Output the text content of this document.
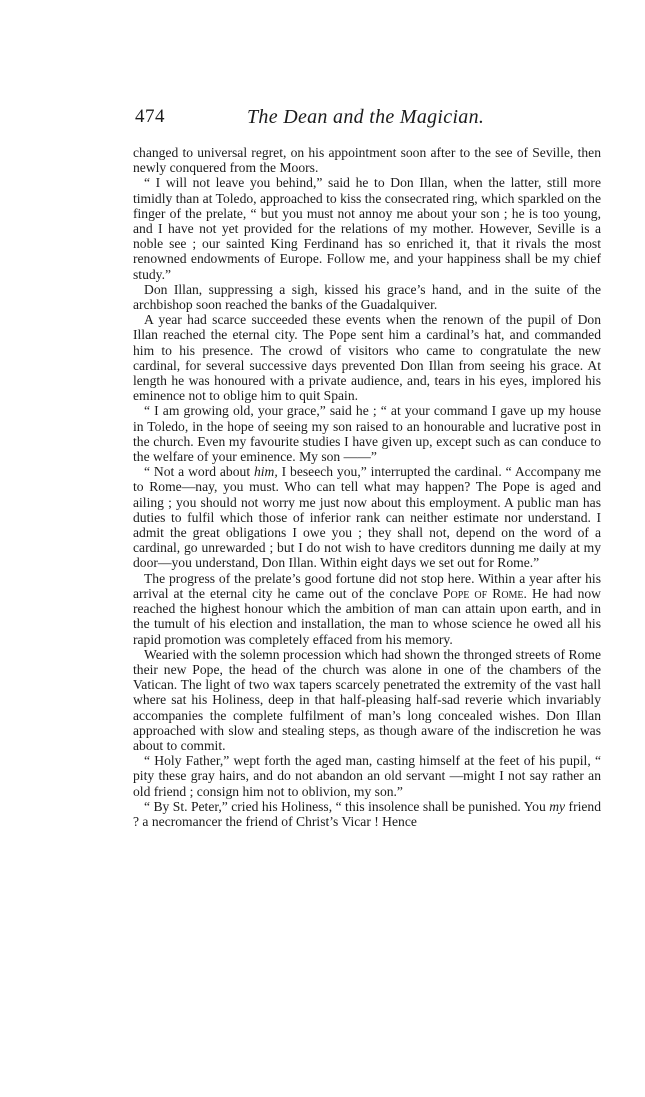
474	The Dean and the Magician.

changed to universal regret, on his appointment soon after to the see of Seville, then newly conquered from the Moors.

“ I will not leave you behind,” said he to Don Illan, when the latter, still more timidly than at Toledo, approached to kiss the consecrated ring, which sparkled on the finger of the prelate, “ but you must not annoy me about your son ; he is too young, and I have not yet provided for the relations of my mother. However, Seville is a noble see ; our sainted King Ferdinand has so enriched it, that it rivals the most renowned endowments of Europe. Follow me, and your happiness shall be my chief study.”

Don Illan, suppressing a sigh, kissed his grace’s hand, and in the suite of the archbishop soon reached the banks of the Guadalquiver.

A year had scarce succeeded these events when the renown of the pupil of Don Illan reached the eternal city. The Pope sent him a cardinal’s hat, and commanded him to his presence. The crowd of visitors who came to congratulate the new cardinal, for several successive days prevented Don Illan from seeing his grace. At length he was honoured with a private audience, and, tears in his eyes, implored his eminence not to oblige him to quit Spain.

“ I am growing old, your grace,” said he ; “ at your command I gave up my house in Toledo, in the hope of seeing my son raised to an honourable and lucrative post in the church. Even my favourite studies I have given up, except such as can conduce to the welfare of your eminence. My son ——”

“ Not a word about him, I beseech you,” interrupted the cardinal. “ Accompany me to Rome—nay, you must. Who can tell what may happen? The Pope is aged and ailing ; you should not worry me just now about this employment. A public man has duties to fulfil which those of inferior rank can neither estimate nor understand. I admit the great obligations I owe you ; they shall not, depend on the word of a cardinal, go unrewarded ; but I do not wish to have creditors dunning me daily at my door—you understand, Don Illan. Within eight days we set out for Rome.”

The progress of the prelate’s good fortune did not stop here. Within a year after his arrival at the eternal city he came out of the conclave Pope of Rome. He had now reached the highest honour which the ambition of man can attain upon earth, and in the tumult of his election and installation, the man to whose science he owed all his rapid promotion was completely effaced from his memory.

Wearied with the solemn procession which had shown the thronged streets of Rome their new Pope, the head of the church was alone in one of the chambers of the Vatican. The light of two wax tapers scarcely penetrated the extremity of the vast hall where sat his Holiness, deep in that half-pleasing half-sad reverie which invariably accompanies the complete fulfilment of man’s long concealed wishes. Don Illan approached with slow and stealing steps, as though aware of the indiscretion he was about to commit.

“ Holy Father,” wept forth the aged man, casting himself at the feet of his pupil, “ pity these gray hairs, and do not abandon an old servant —might I not say rather an old friend ; consign him not to oblivion, my son.”

“ By St. Peter,” cried his Holiness, “ this insolence shall be punished. You my friend ? a necromancer the friend of Christ’s Vicar ! Hence
